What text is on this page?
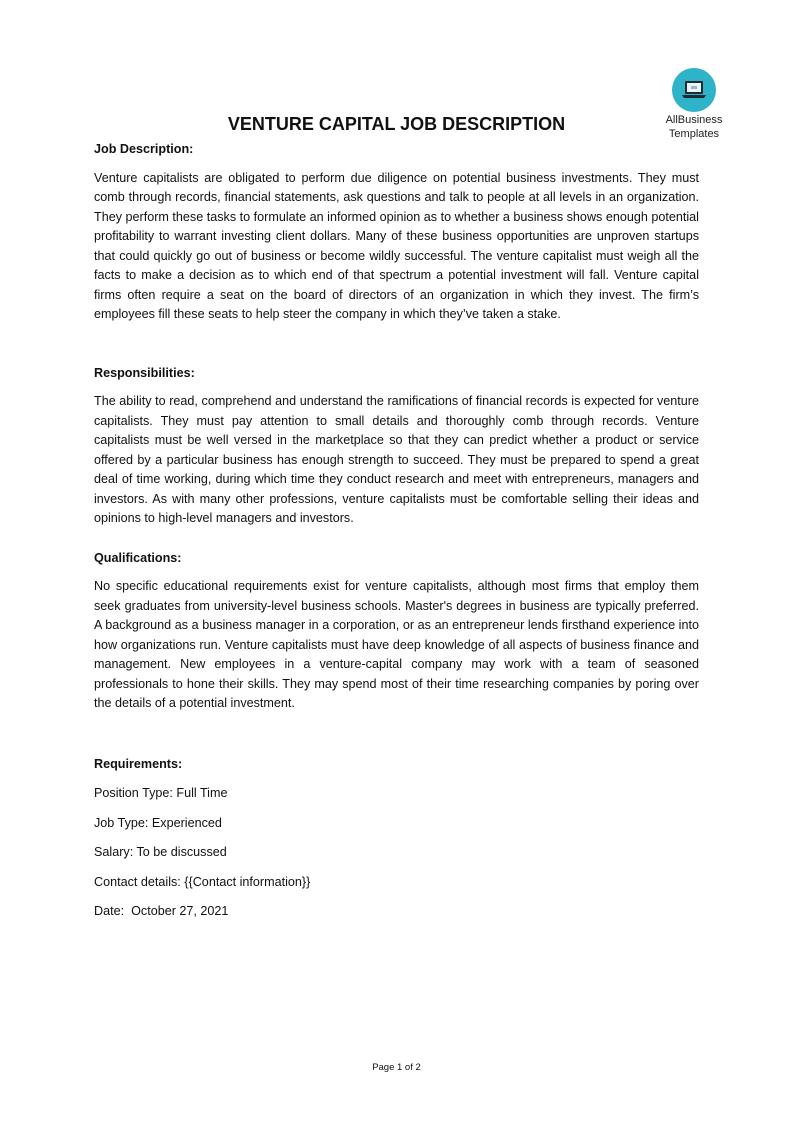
AllBusiness
Templates
VENTURE CAPITAL JOB DESCRIPTION

Job Description:

Venture capitalists are obligated to perform due diligence on potential business investments. They must comb through records, financial statements, ask questions and talk to people at all levels in an organization. They perform these tasks to formulate an informed opinion as to whether a business shows enough potential profitability to warrant investing client dollars. Many of these business opportunities are unproven startups that could quickly go out of business or become wildly successful. The venture capitalist must weigh all the facts to make a decision as to which end of that spectrum a potential investment will fall. Venture capital firms often require a seat on the board of directors of an organization in which they invest. The firm’s employees fill these seats to help steer the company in which they’ve taken a stake.

Responsibilities:

The ability to read, comprehend and understand the ramifications of financial records is expected for venture capitalists. They must pay attention to small details and thoroughly comb through records. Venture capitalists must be well versed in the marketplace so that they can predict whether a product or service offered by a particular business has enough strength to succeed. They must be prepared to spend a great deal of time working, during which time they conduct research and meet with entrepreneurs, managers and investors. As with many other professions, venture capitalists must be comfortable selling their ideas and opinions to high-level managers and investors.

Qualifications:

No specific educational requirements exist for venture capitalists, although most firms that employ them seek graduates from university-level business schools. Master's degrees in business are typically preferred. A background as a business manager in a corporation, or as an entrepreneur lends firsthand experience into how organizations run. Venture capitalists must have deep knowledge of all aspects of business finance and management. New employees in a venture-capital company may work with a team of seasoned professionals to hone their skills. They may spend most of their time researching companies by poring over the details of a potential investment.

Requirements:

Position Type: Full Time

Job Type: Experienced

Salary: To be discussed

Contact details: {{Contact information}}

Date:  October 27, 2021

Page 1 of 2
